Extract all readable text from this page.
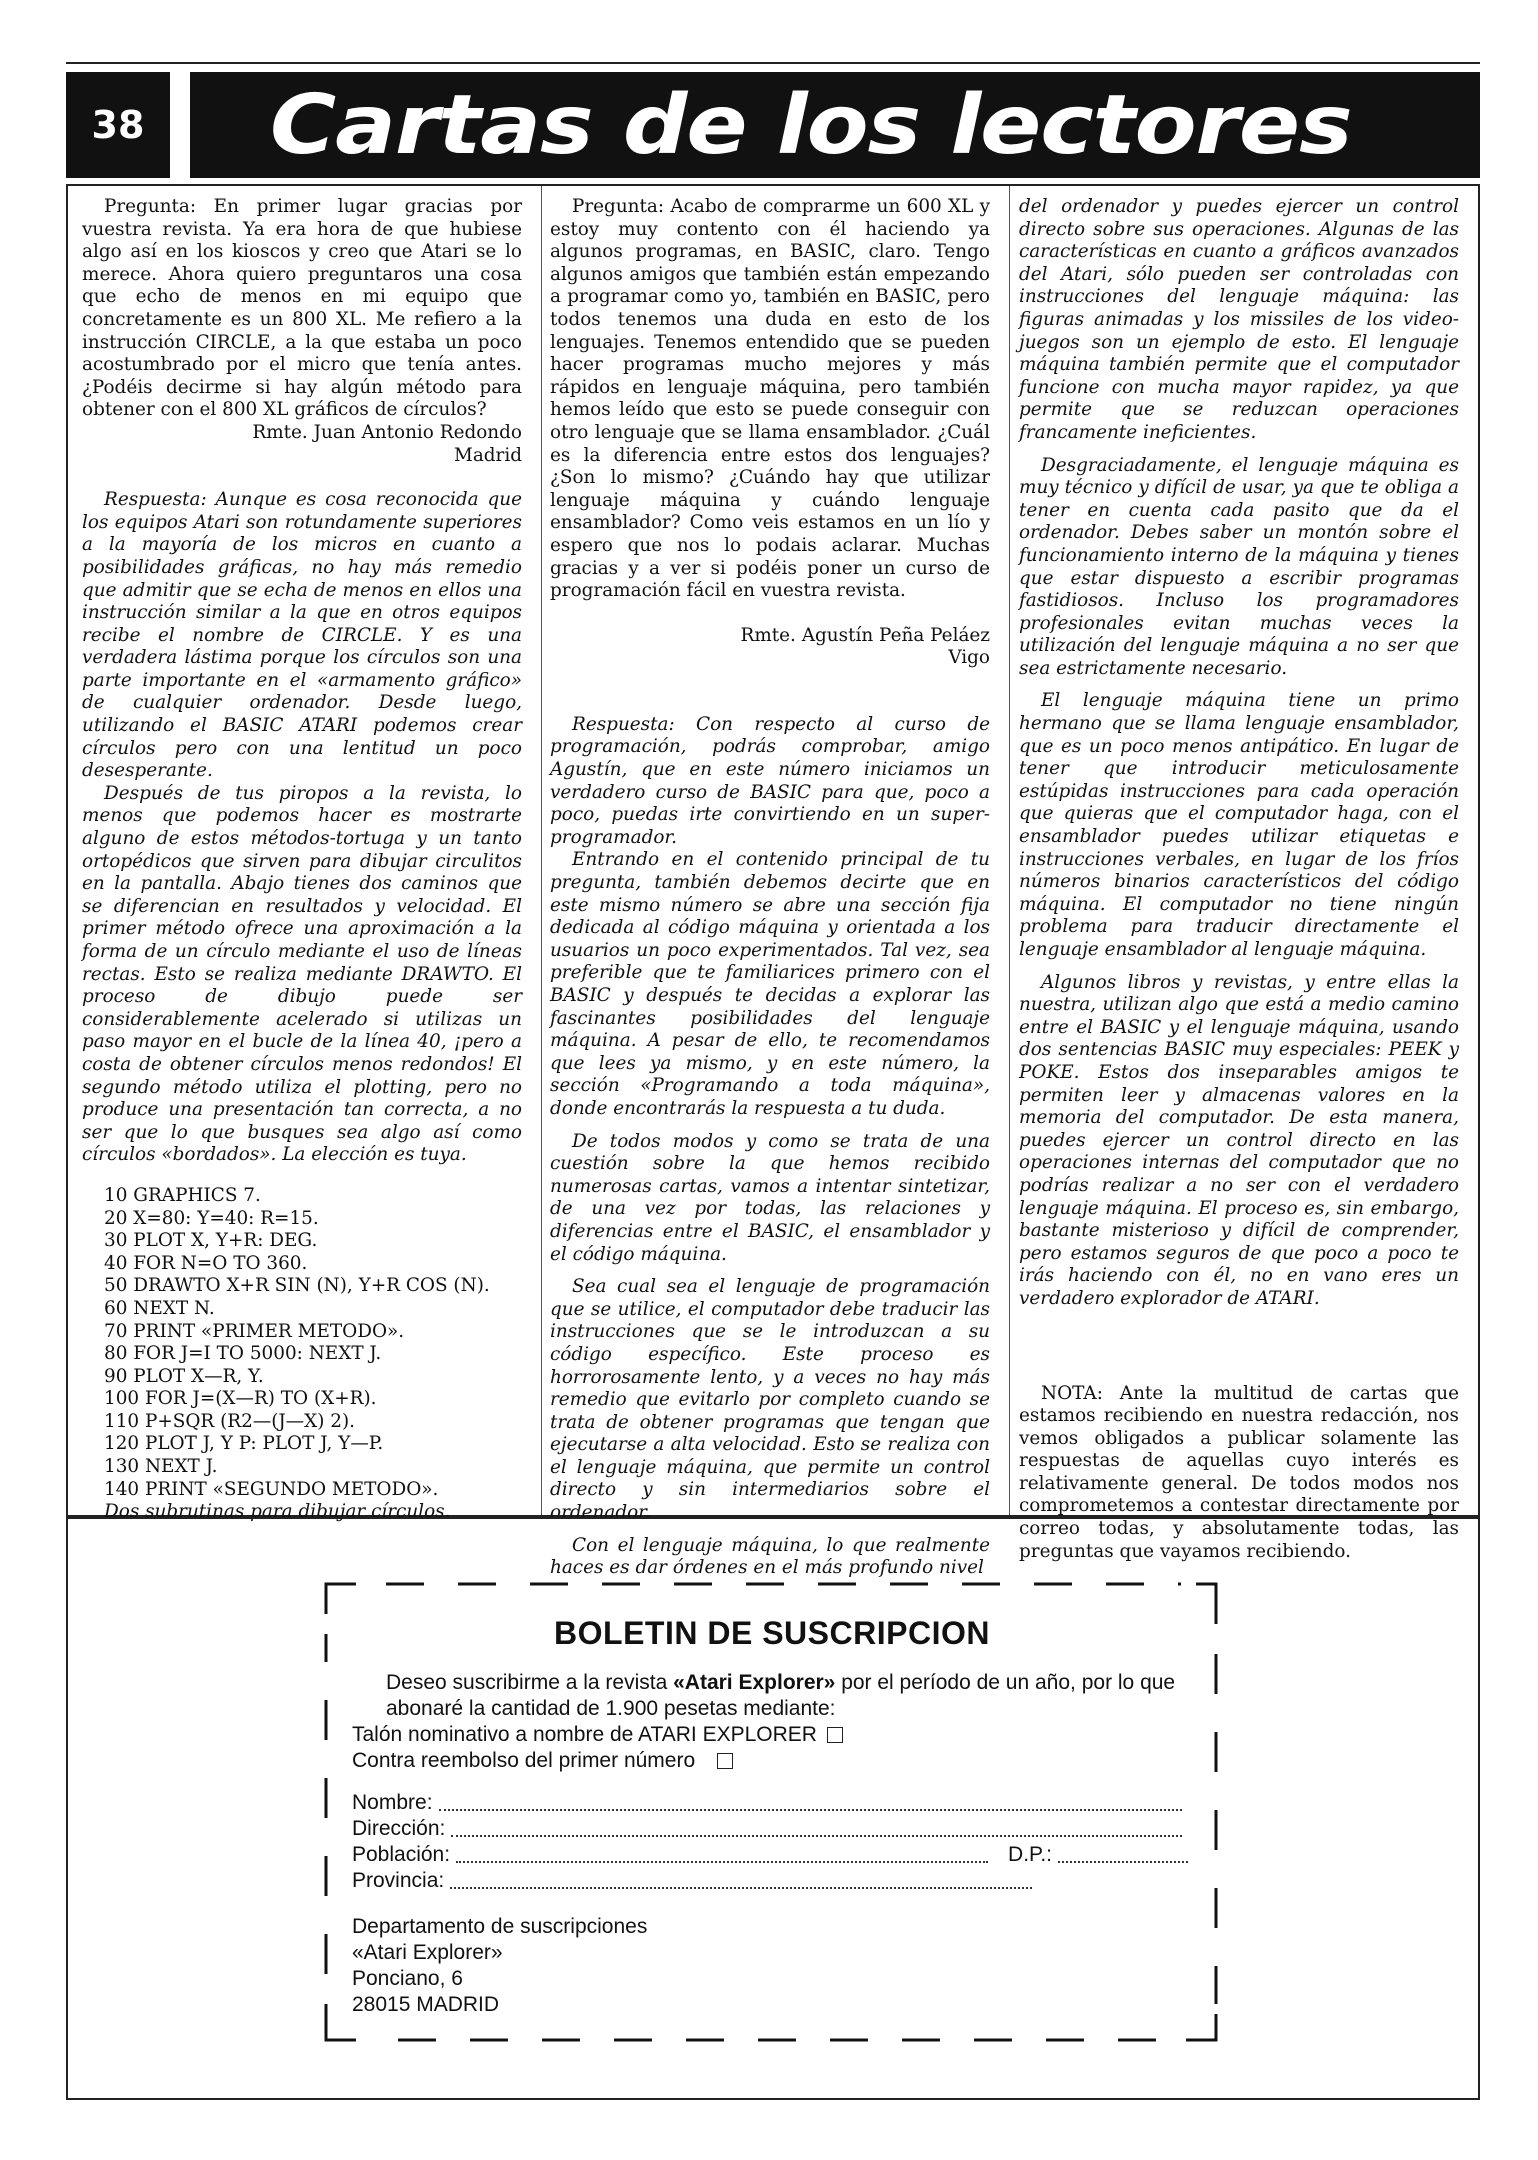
38	Cartas de los lectores

Pregunta: En primer lugar gracias por vuestra revista. Ya era hora de que hubiese algo así en los kioscos y creo que Atari se lo merece. Ahora quiero preguntaros una cosa que echo de menos en mi equipo que concretamente es un 800 XL. Me refiero a la instrucción CIRCLE, a la que estaba un poco acostumbrado por el micro que tenía antes. ¿Podéis decirme si hay algún método para obtener con el 800 XL gráficos de círculos?

Rmte. Juan Antonio Redondo

Madrid

Respuesta: Aunque es cosa reconocida que los equipos Atari son rotundamente superiores a la mayoría de los micros en cuanto a posibilidades gráficas, no hay más remedio que admitir que se echa de menos en ellos una instrucción similar a la que en otros equipos recibe el nombre de CIRCLE. Y es una verdadera lástima porque los círculos son una parte importante en el «armamento gráfico» de cualquier ordenador. Desde luego, utilizando el BASIC ATARI podemos crear círculos pero con una lentitud un poco desesperante.

Después de tus piropos a la revista, lo menos que podemos hacer es mostrarte alguno de estos métodos-tortuga y un tanto ortopédicos que sirven para dibujar circulitos en la pantalla. Abajo tienes dos caminos que se diferencian en resultados y velocidad. El primer método ofrece una aproximación a la forma de un círculo mediante el uso de líneas rectas. Esto se realiza mediante DRAWTO. El proceso de dibujo puede ser considerablemente acelerado si utilizas un paso mayor en el bucle de la línea 40, ¡pero a costa de obtener círculos menos redondos! El segundo método utiliza el plotting, pero no produce una presentación tan correcta, a no ser que lo que busques sea algo así como círculos «bordados». La elección es tuya.

10 GRAPHICS 7.
20 X=80: Y=40: R=15.
30 PLOT X, Y+R: DEG.
40 FOR N=O TO 360.
50 DRAWTO X+R SIN (N), Y+R COS (N).
60 NEXT N.
70 PRINT «PRIMER METODO».
80 FOR J=I TO 5000: NEXT J.
90 PLOT X—R, Y.
100 FOR J=(X—R) TO (X+R).
110 P+SQR (R2—(J—X) 2).
120 PLOT J, Y P: PLOT J, Y—P.
130 NEXT J.
140 PRINT «SEGUNDO METODO».
Dos subrutinas para dibujar círculos.

Pregunta: Acabo de comprarme un 600 XL y estoy muy contento con él haciendo ya algunos programas, en BASIC, claro. Tengo algunos amigos que también están empezando a programar como yo, también en BASIC, pero todos tenemos una duda en esto de los lenguajes. Tenemos entendido que se pueden hacer programas mucho mejores y más rápidos en lenguaje máquina, pero también hemos leído que esto se puede conseguir con otro lenguaje que se llama ensamblador. ¿Cuál es la diferencia entre estos dos lenguajes? ¿Son lo mismo? ¿Cuándo hay que utilizar lenguaje máquina y cuándo lenguaje ensamblador? Como veis estamos en un lío y espero que nos lo podais aclarar. Muchas gracias y a ver si podéis poner un curso de programación fácil en vuestra revista.

Rmte. Agustín Peña Peláez

Vigo

Respuesta: Con respecto al curso de programación, podrás comprobar, amigo Agustín, que en este número iniciamos un verdadero curso de BASIC para que, poco a poco, puedas irte convirtiendo en un super-programador.

Entrando en el contenido principal de tu pregunta, también debemos decirte que en este mismo número se abre una sección fija dedicada al código máquina y orientada a los usuarios un poco experimentados. Tal vez, sea preferible que te familiarices primero con el BASIC y después te decidas a explorar las fascinantes posibilidades del lenguaje máquina. A pesar de ello, te recomendamos que lees ya mismo, y en este número, la sección «Programando a toda máquina», donde encontrarás la respuesta a tu duda.

De todos modos y como se trata de una cuestión sobre la que hemos recibido numerosas cartas, vamos a intentar sintetizar, de una vez por todas, las relaciones y diferencias entre el BASIC, el ensamblador y el código máquina.

Sea cual sea el lenguaje de programación que se utilice, el computador debe traducir las instrucciones que se le introduzcan a su código específico. Este proceso es horrorosamente lento, y a veces no hay más remedio que evitarlo por completo cuando se trata de obtener programas que tengan que ejecutarse a alta velocidad. Esto se realiza con el lenguaje máquina, que permite un control directo y sin intermediarios sobre el ordenador.

Con el lenguaje máquina, lo que realmente haces es dar órdenes en el más profundo nivel

del ordenador y puedes ejercer un control directo sobre sus operaciones. Algunas de las características en cuanto a gráficos avanzados del Atari, sólo pueden ser controladas con instrucciones del lenguaje máquina: las figuras animadas y los missiles de los video-juegos son un ejemplo de esto. El lenguaje máquina también permite que el computador funcione con mucha mayor rapidez, ya que permite que se reduzcan operaciones francamente ineficientes.

Desgraciadamente, el lenguaje máquina es muy técnico y difícil de usar, ya que te obliga a tener en cuenta cada pasito que da el ordenador. Debes saber un montón sobre el funcionamiento interno de la máquina y tienes que estar dispuesto a escribir programas fastidiosos. Incluso los programadores profesionales evitan muchas veces la utilización del lenguaje máquina a no ser que sea estrictamente necesario.

El lenguaje máquina tiene un primo hermano que se llama lenguaje ensamblador, que es un poco menos antipático. En lugar de tener que introducir meticulosamente estúpidas instrucciones para cada operación que quieras que el computador haga, con el ensamblador puedes utilizar etiquetas e instrucciones verbales, en lugar de los fríos números binarios característicos del código máquina. El computador no tiene ningún problema para traducir directamente el lenguaje ensamblador al lenguaje máquina.

Algunos libros y revistas, y entre ellas la nuestra, utilizan algo que está a medio camino entre el BASIC y el lenguaje máquina, usando dos sentencias BASIC muy especiales: PEEK y POKE. Estos dos inseparables amigos te permiten leer y almacenas valores en la memoria del computador. De esta manera, puedes ejercer un control directo en las operaciones internas del computador que no podrías realizar a no ser con el verdadero lenguaje máquina. El proceso es, sin embargo, bastante misterioso y difícil de comprender, pero estamos seguros de que poco a poco te irás haciendo con él, no en vano eres un verdadero explorador de ATARI.

NOTA: Ante la multitud de cartas que estamos recibiendo en nuestra redacción, nos vemos obligados a publicar solamente las respuestas de aquellas cuyo interés es relativamente general. De todos modos nos comprometemos a contestar directamente por correo todas, y absolutamente todas, las preguntas que vayamos recibiendo.

BOLETIN DE SUSCRIPCION
Deseo suscribirme a la revista «Atari Explorer» por el período de un año, por lo que abonaré la cantidad de 1.900 pesetas mediante:
Talón nominativo a nombre de ATARI EXPLORER
Contra reembolso del primer número
Nombre:
Dirección:
Población:	D.P.:
Provincia:
Departamento de suscripciones
«Atari Explorer»
Ponciano, 6
28015 MADRID
